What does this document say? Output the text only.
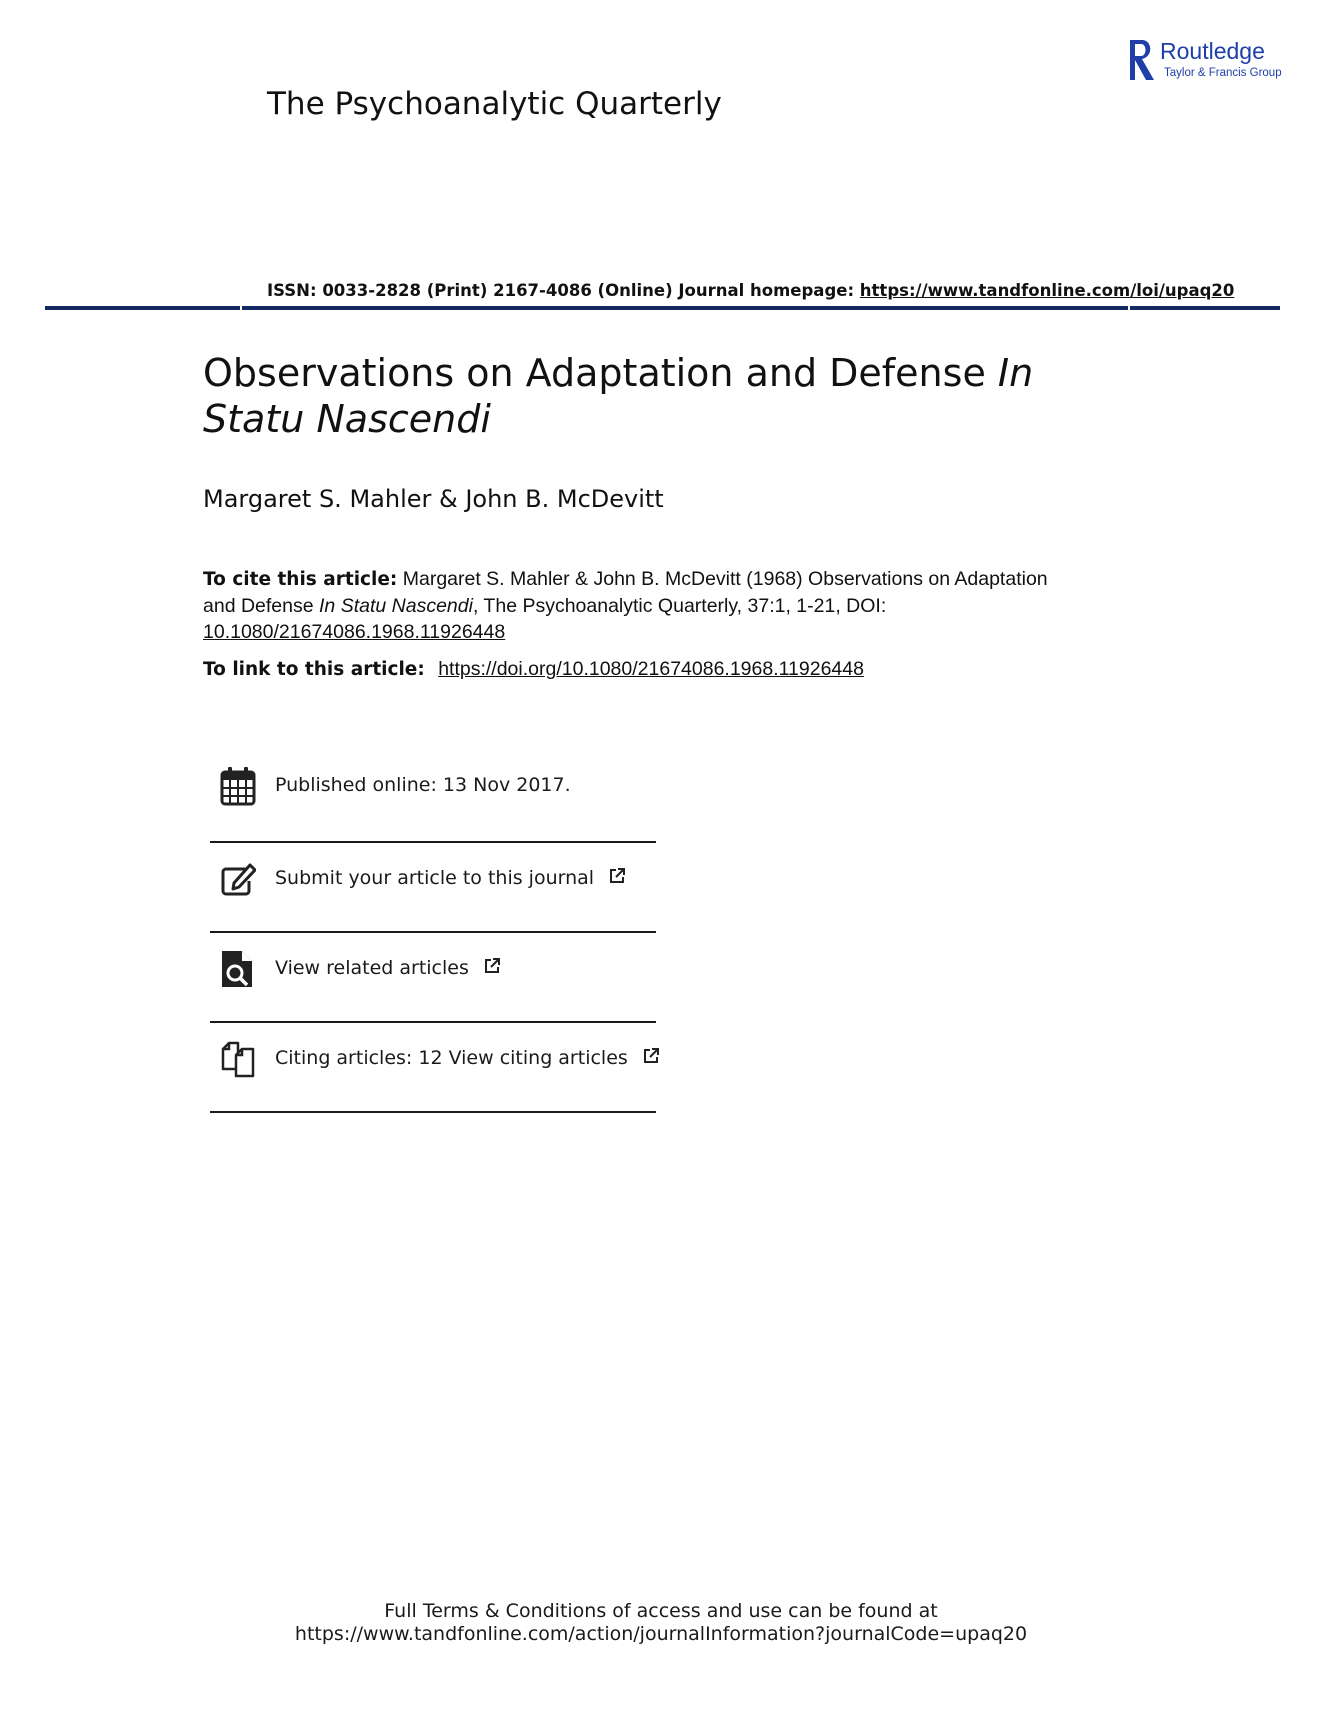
The Psychoanalytic Quarterly
Routledge
Taylor & Francis Group
ISSN: 0033-2828 (Print) 2167-4086 (Online) Journal homepage: https://www.tandfonline.com/loi/upaq20
Observations on Adaptation and Defense In Statu Nascendi
Margaret S. Mahler & John B. McDevitt
To cite this article: Margaret S. Mahler & John B. McDevitt (1968) Observations on Adaptation and Defense In Statu Nascendi, The Psychoanalytic Quarterly, 37:1, 1-21, DOI:
10.1080/21674086.1968.11926448
To link to this article: https://doi.org/10.1080/21674086.1968.11926448
Published online: 13 Nov 2017.
Submit your article to this journal
View related articles
Citing articles: 12 View citing articles
Full Terms & Conditions of access and use can be found at
https://www.tandfonline.com/action/journalInformation?journalCode=upaq20
